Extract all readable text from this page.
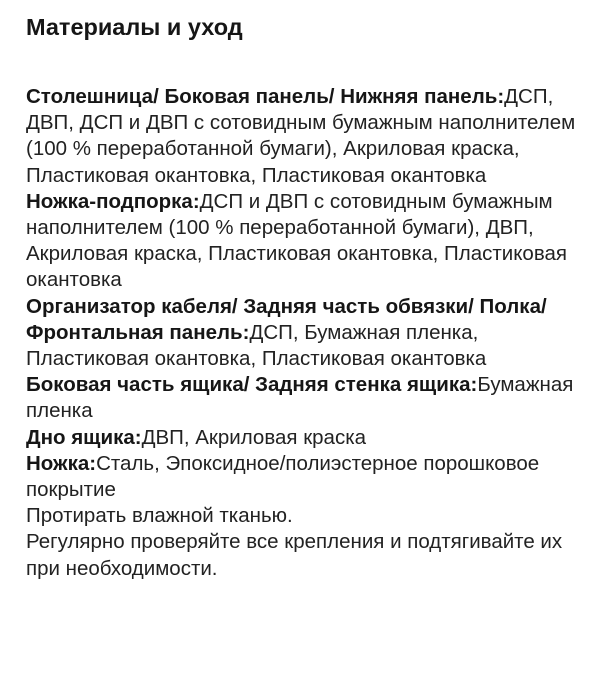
Материалы и уход
Столешница/ Боковая панель/ Нижняя панель:ДСП, ДВП, ДСП и ДВП с сотовидным бумажным наполнителем (100 % переработанной бумаги), Акриловая краска, Пластиковая окантовка, Пластиковая окантовка
Ножка-подпорка:ДСП и ДВП с сотовидным бумажным наполнителем (100 % переработанной бумаги), ДВП, Акриловая краска, Пластиковая окантовка, Пластиковая окантовка
Организатор кабеля/ Задняя часть обвязки/ Полка/ Фронтальная панель:ДСП, Бумажная пленка, Пластиковая окантовка, Пластиковая окантовка
Боковая часть ящика/ Задняя стенка ящика:Бумажная пленка
Дно ящика:ДВП, Акриловая краска
Ножка:Сталь, Эпоксидное/полиэстерное порошковое покрытие
Протирать влажной тканью.
Регулярно проверяйте все крепления и подтягивайте их при необходимости.
